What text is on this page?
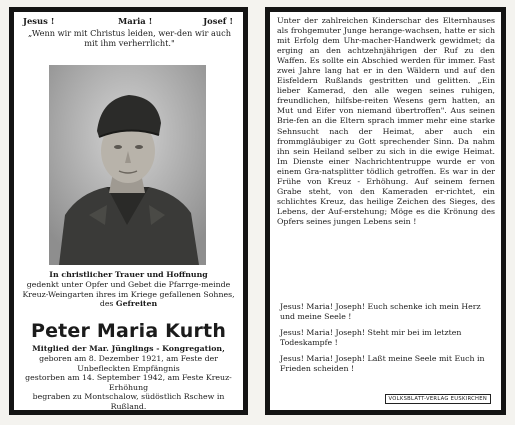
Jesus !	Maria !	Josef !
„Wenn wir mit Christus leiden, wer-den wir auch mit ihm verherrlicht."
In christlicher Trauer und Hoffnung
gedenkt unter Opfer und Gebet die Pfarrge-meinde Kreuz-Weingarten ihres im Kriege gefallenen Sohnes, des Gefreiten
Peter Maria Kurth
Mitglied der Mar. Jünglings - Kongregation,
geboren am 8. Dezember 1921, am Feste der Unbefleckten Empfängnis
gestorben am 14. September 1942, am Feste Kreuz-Erhöhung
begraben zu Montschalow, südöstlich Rschew in Rußland.
Unter der zahlreichen Kinderschar des Elternhauses als frohgemuter Junge herange-wachsen, hatte er sich mit Erfolg dem Uhr-macher-Handwerk gewidmet; da erging an den achtzehnjährigen der Ruf zu den Waffen. Es sollte ein Abschied werden für immer. Fast zwei Jahre lang hat er in den Wäldern und auf den Eisfeldern Rußlands gestritten und gelitten. „Ein lieber Kamerad, den alle wegen seines ruhigen, freundlichen, hilfsbe-reiten Wesens gern hatten, an Mut und Eifer von niemand übertroffen". Aus seinen Brie-fen an die Eltern sprach immer mehr eine starke Sehnsucht nach der Heimat, aber auch ein frommgläubiger zu Gott sprechender Sinn. Da nahm ihn sein Heiland selber zu sich in die ewige Heimat. Im Dienste einer Nachrichtentruppe wurde er von einem Gra-natsplitter tödlich getroffen. Es war in der Frühe von Kreuz - Erhöhung. Auf seinem fernen Grabe steht, von den Kameraden er-richtet, ein schlichtes Kreuz, das heilige Zeichen des Sieges, des Lebens, der Auf-erstehung; Möge es die Krönung des Opfers seines jungen Lebens sein !
Jesus! Maria! Joseph! Euch schenke ich mein Herz und meine Seele !
Jesus! Maria! Joseph! Steht mir bei im letzten Todeskampfe !
Jesus! Maria! Joseph! Laßt meine Seele mit Euch in Frieden scheiden !
VOLKSBLATT-VERLAG EUSKIRCHEN
